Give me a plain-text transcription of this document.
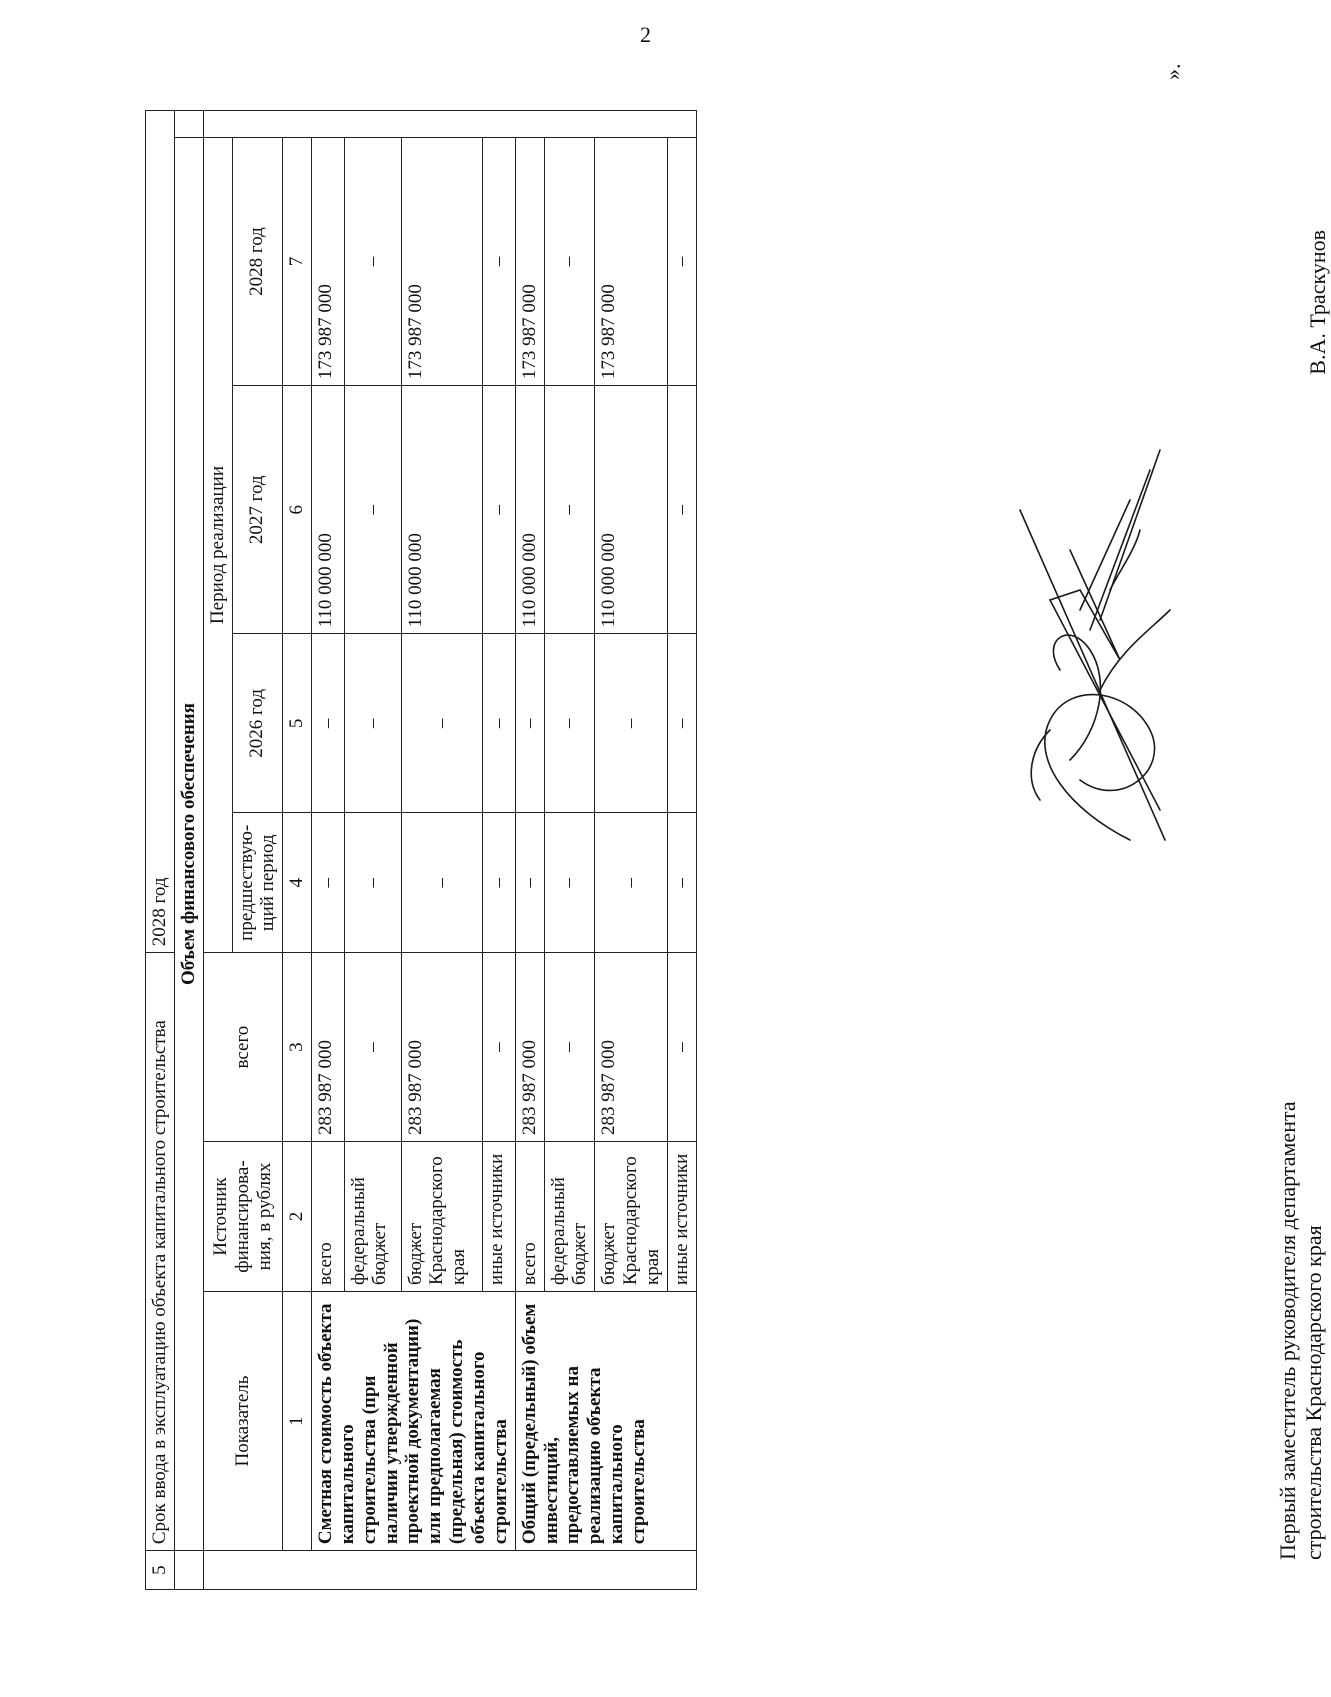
2
5	Срок ввода в эксплуатацию объекта капитального строительства			2028 год				
	Объем финансового обеспечения							
	Показатель	Источник финансирова-ния, в рублях	всего	Период реализации				
				предшествую-щий период	2026 год	2027 год	2028 год	
	1	2	3	4	5	6	7	
	Сметная стоимость объекта капитального строительства (при наличии утвержденной проектной документации) или предполагаемая (предельная) стоимость объекта капитального строительства	всего	283 987 000	–	–	110 000 000	173 987 000	
		федеральный бюджет	–	–	–	–	–	
		бюджет Краснодарского края	283 987 000	–	–	110 000 000	173 987 000	
		иные источники	–	–	–	–	–	
	Общий (предельный) объем инвестиций, предоставляемых на реализацию объекта капитального строительства	всего	283 987 000	–	–	110 000 000	173 987 000	
		федеральный бюджет	–	–	–	–	–	
		бюджет Краснодарского края	283 987 000	–	–	110 000 000	173 987 000	
		иные источники	–	–	–	–	–	
».
Первый заместитель руководителя департамента строительства Краснодарского края
В.А. Траскунов
